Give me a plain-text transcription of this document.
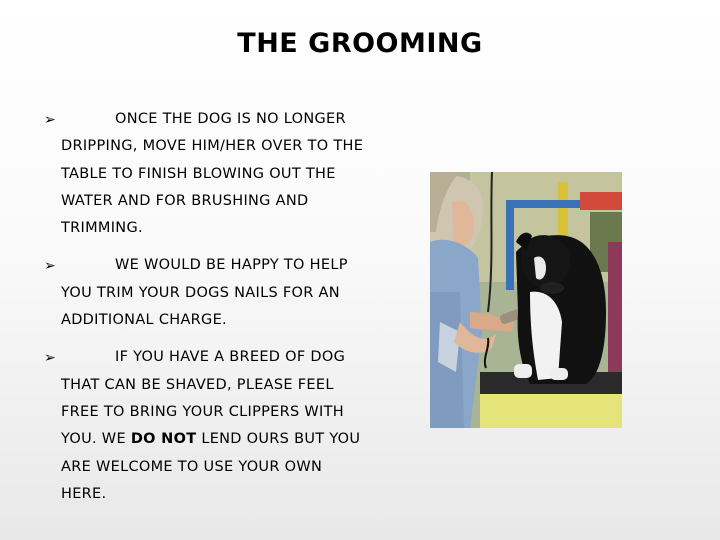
THE GROOMING
➢	ONCE THE DOG IS NO LONGER DRIPPING, MOVE HIM/HER OVER TO THE TABLE TO FINISH BLOWING OUT THE WATER AND FOR BRUSHING AND TRIMMING.
➢	WE WOULD BE HAPPY TO HELP YOU TRIM YOUR DOGS NAILS FOR AN ADDITIONAL CHARGE.
➢	IF YOU HAVE A BREED OF DOG THAT CAN BE SHAVED, PLEASE FEEL FREE TO BRING YOUR CLIPPERS WITH YOU. WE DO NOT LEND OURS BUT YOU ARE WELCOME TO USE YOUR OWN HERE.
